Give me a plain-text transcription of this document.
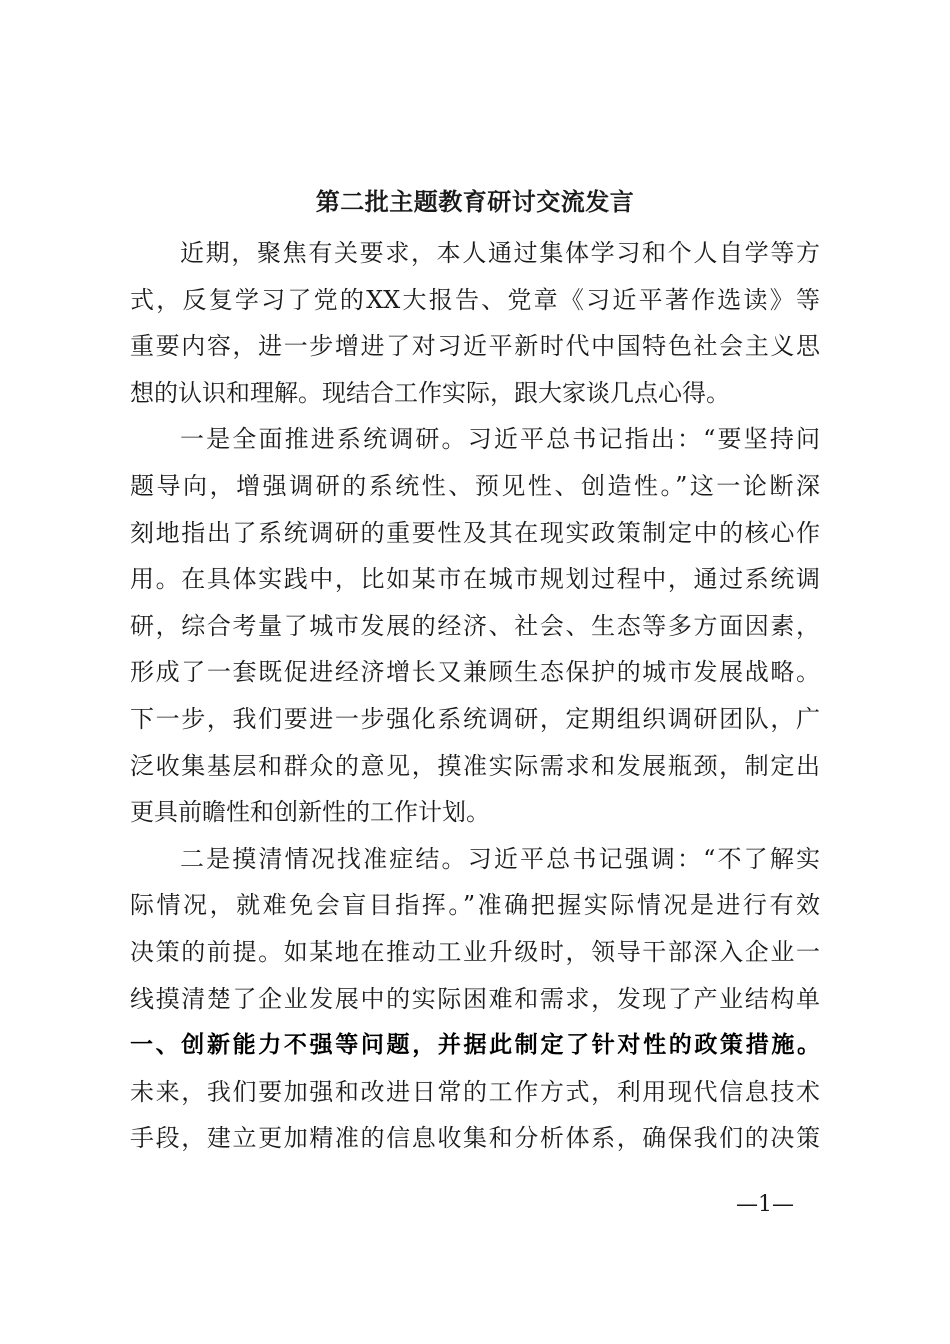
第二批主题教育研讨交流发言
近期，聚焦有关要求，本人通过集体学习和个人自学等方
式，反复学习了党的XX大报告、党章《习近平著作选读》等
重要内容，进一步增进了对习近平新时代中国特色社会主义思
想的认识和理解。现结合工作实际，跟大家谈几点心得。
一是全面推进系统调研。习近平总书记指出：“要坚持问
题导向，增强调研的系统性、预见性、创造性。”这一论断深
刻地指出了系统调研的重要性及其在现实政策制定中的核心作
用。在具体实践中，比如某市在城市规划过程中，通过系统调
研，综合考量了城市发展的经济、社会、生态等多方面因素，
形成了一套既促进经济增长又兼顾生态保护的城市发展战略。
下一步，我们要进一步强化系统调研，定期组织调研团队，广
泛收集基层和群众的意见，摸准实际需求和发展瓶颈，制定出
更具前瞻性和创新性的工作计划。
二是摸清情况找准症结。习近平总书记强调：“不了解实
际情况，就难免会盲目指挥。”准确把握实际情况是进行有效
决策的前提。如某地在推动工业升级时，领导干部深入企业一
线摸清楚了企业发展中的实际困难和需求，发现了产业结构单
一、创新能力不强等问题，并据此制定了针对性的政策措施。
未来，我们要加强和改进日常的工作方式，利用现代信息技术
手段，建立更加精准的信息收集和分析体系，确保我们的决策
—1—
